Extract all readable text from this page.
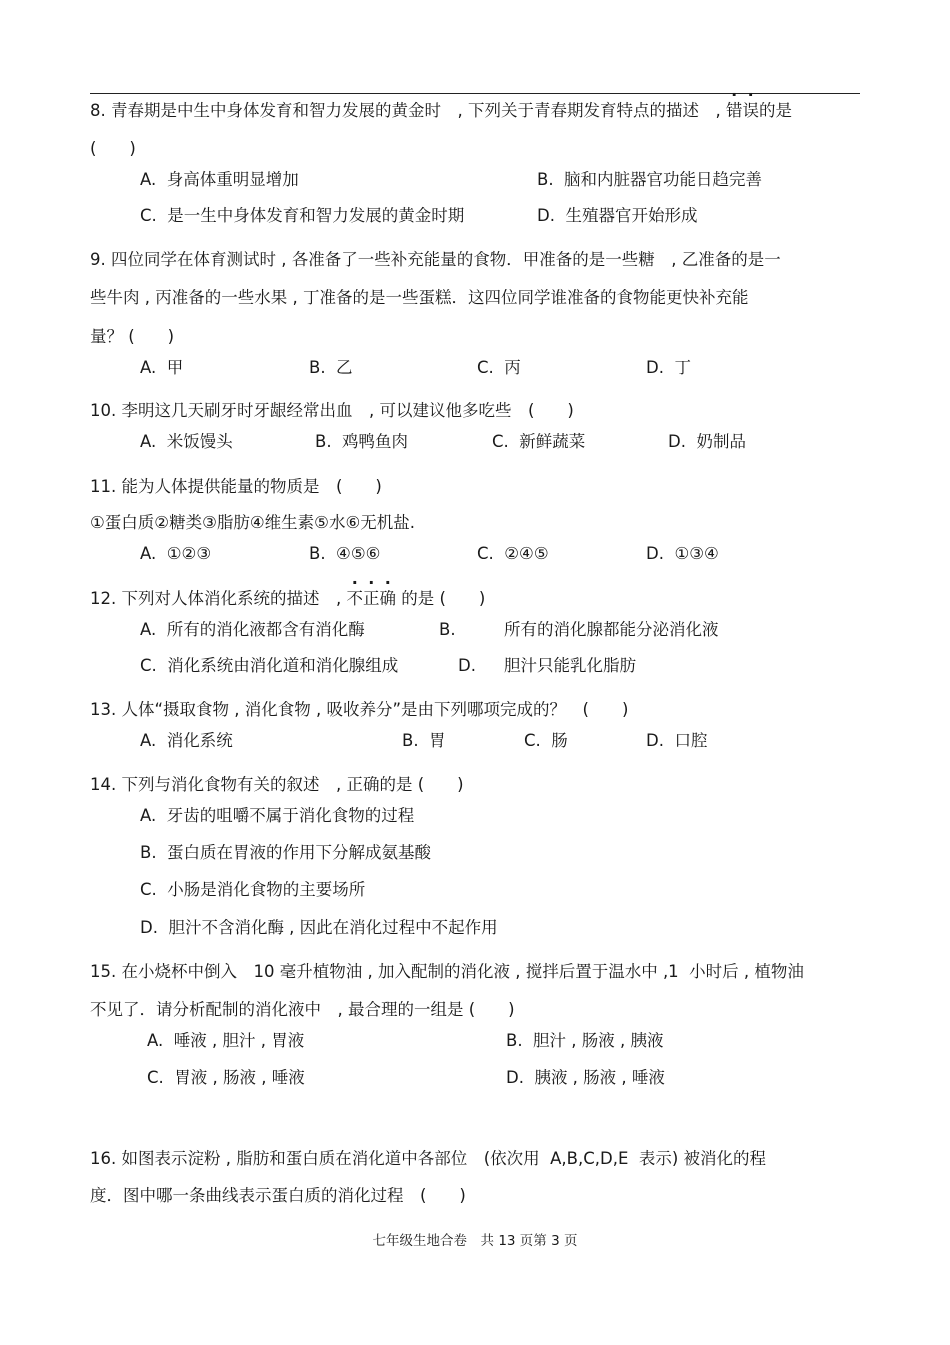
8. 青春期是中生中身体发育和智力发展的黄金时　, 下列关于青春期发育特点的描述　, 错误的是
(　　)
A.  身高体重明显增加	B.  脑和内脏器官功能日趋完善
C.  是一生中身体发育和智力发展的黄金时期	D.  生殖器官开始形成
9. 四位同学在体育测试时 , 各准备了一些补充能量的食物．甲准备的是一些糖　, 乙准备的是一
些牛肉 , 丙准备的一些水果 , 丁准备的是一些蛋糕．这四位同学谁准备的食物能更快补充能
量？ (　　)
A.  甲	B.  乙	C.  丙	D.  丁
10. 李明这几天刷牙时牙龈经常出血　, 可以建议他多吃些　(　　)
A.  米饭馒头	B.  鸡鸭鱼肉	C.  新鲜蔬菜	D.  奶制品
11. 能为人体提供能量的物质是　(　　)
①蛋白质②糖类③脂肪④维生素⑤水⑥无机盐.
A.  ①②③	B.  ④⑤⑥	C.  ②④⑤	D.  ①③④
12. 下列对人体消化系统的描述　, 不正确 的是 (　　)
A.  所有的消化液都含有消化酶	B.	所有的消化腺都能分泌消化液
C.  消化系统由消化道和消化腺组成	D. 胆汁只能乳化脂肪
13. 人体“摄取食物 , 消化食物 , 吸收养分”是由下列哪项完成的？　(　　)
A.  消化系统	B.  胃	C.  肠	D.  口腔
14. 下列与消化食物有关的叙述　, 正确的是 (　　)
A.  牙齿的咀嚼不属于消化食物的过程
B.  蛋白质在胃液的作用下分解成氨基酸
C.  小肠是消化食物的主要场所
D.  胆汁不含消化酶 , 因此在消化过程中不起作用
15. 在小烧杯中倒入　10 毫升植物油 , 加入配制的消化液 , 搅拌后置于温水中 ,1  小时后 , 植物油
不见了．请分析配制的消化液中　, 最合理的一组是 (　　)
A.  唾液 , 胆汁 , 胃液	B.  胆汁 , 肠液 , 胰液
C.  胃液 , 肠液 , 唾液	D.  胰液 , 肠液 , 唾液
16. 如图表示淀粉 , 脂肪和蛋白质在消化道中各部位　(依次用  A,B,C,D,E  表示) 被消化的程
度．图中哪一条曲线表示蛋白质的消化过程　(　　)
七年级生地合卷　共 13 页第 3 页
